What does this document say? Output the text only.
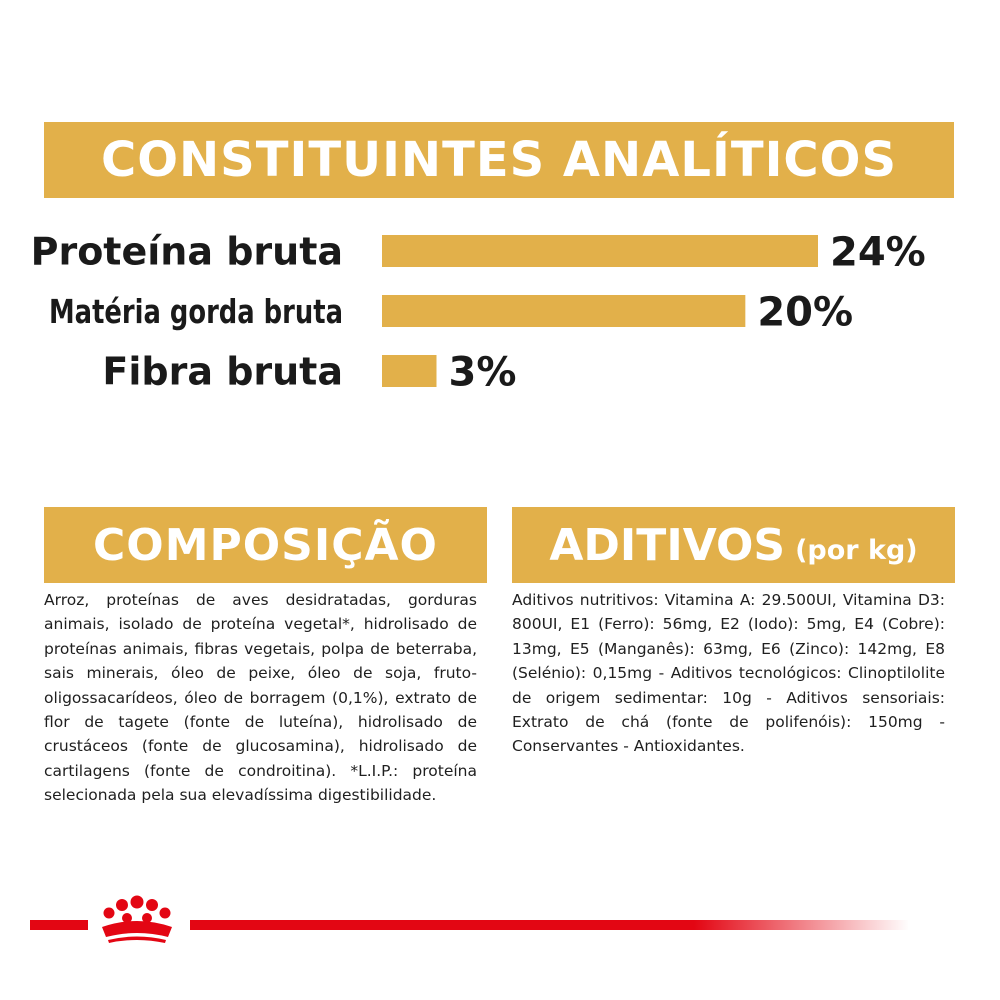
CONSTITUINTES ANALÍTICOS
Proteína bruta	24%
Matéria gorda bruta	20%
Fibra bruta	3%
COMPOSIÇÃO

Arroz, proteínas de aves desidratadas, gorduras animais, isolado de proteína vegetal*, hidrolisado de proteínas animais, fibras vegetais, polpa de beterraba, sais minerais, óleo de peixe, óleo de soja, fruto-oligossacarídeos, óleo de borragem (0,1%), extrato de flor de tagete (fonte de luteína), hidrolisado de crustáceos (fonte de glucosamina), hidrolisado de cartilagens (fonte de condroitina). *L.I.P.: proteína selecionada pela sua elevadíssima digestibilidade.

ADITIVOS (por kg)

Aditivos nutritivos: Vitamina A: 29.500UI, Vitamina D3: 800UI, E1 (Ferro): 56mg, E2 (Iodo): 5mg, E4 (Cobre): 13mg, E5 (Manganês): 63mg, E6 (Zinco): 142mg, E8 (Selénio): 0,15mg - Aditivos tecnológicos: Clinoptilolite de origem sedimentar: 10g - Aditivos sensoriais: Extrato de chá (fonte de polifenóis): 150mg - Conservantes - Antioxidantes.
